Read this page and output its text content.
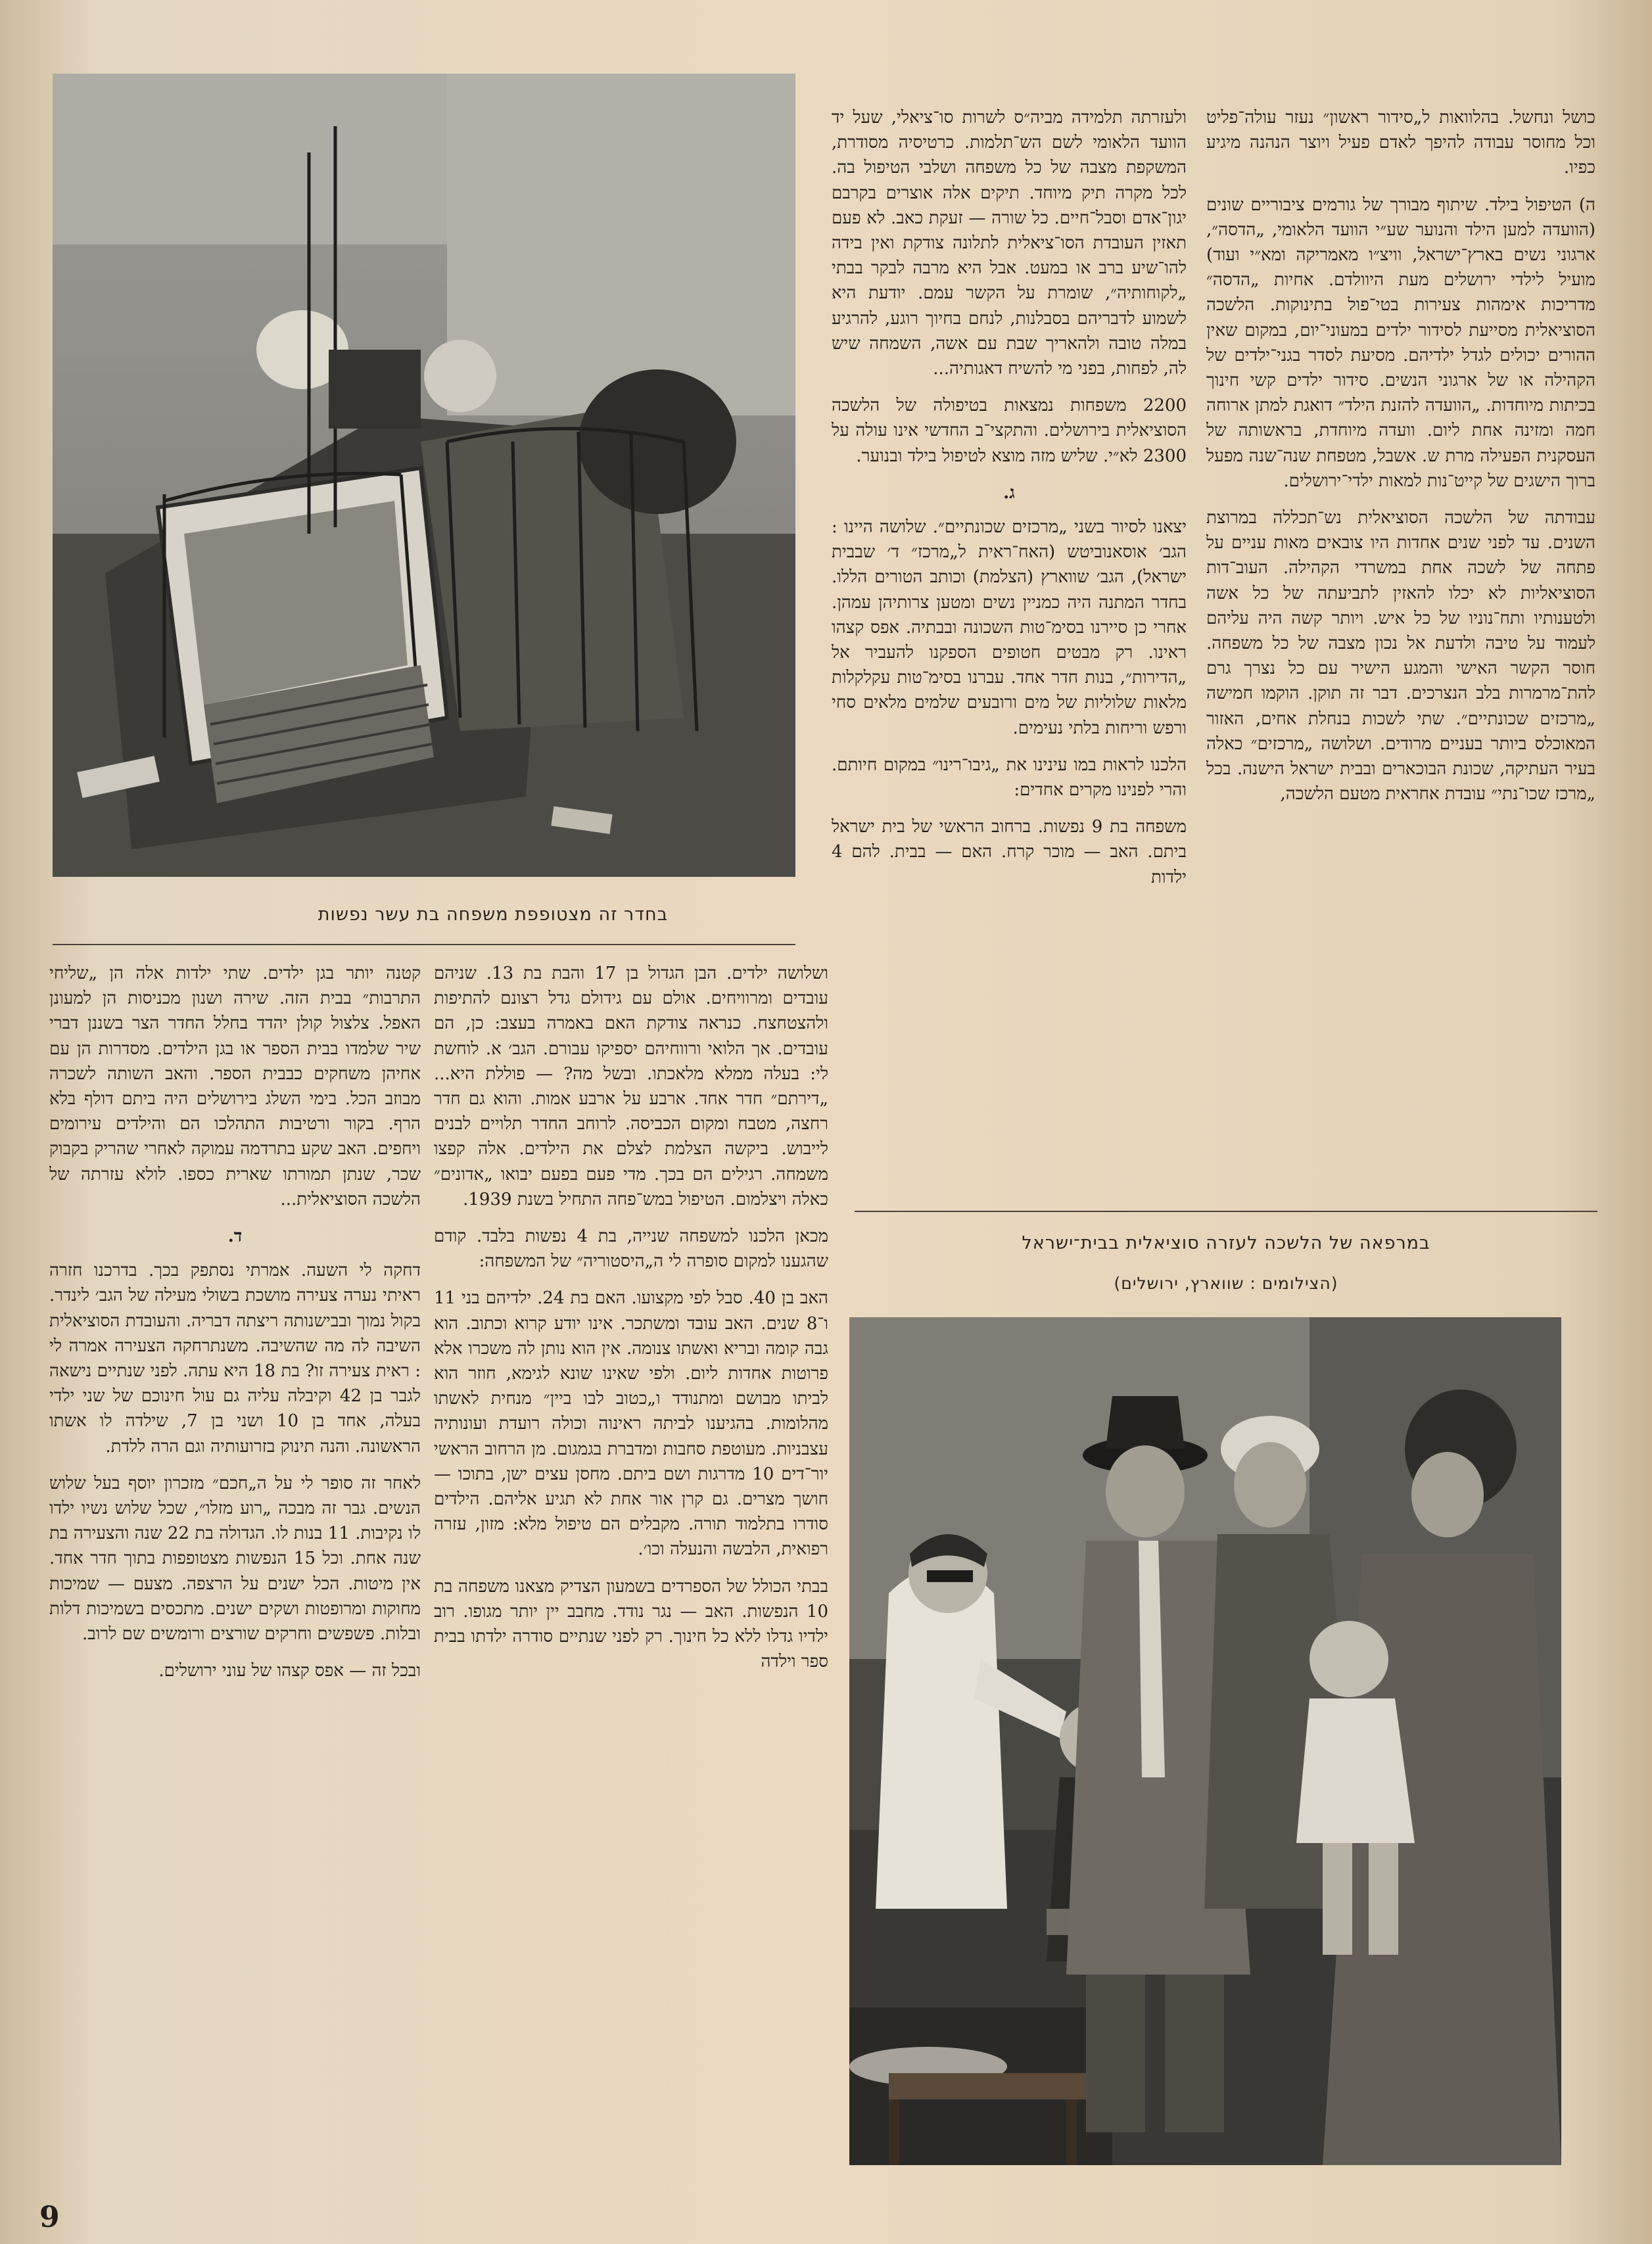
בחדר זה מצטופפת משפחה בת עשר נפשות

כושל ונחשל. בהלוואות ל„סידור ראשון״ נעזר עולה־פליט וכל מחוסר עבודה להיפך לאדם פעיל ויוצר הנהנה מיגיע כפיו.

ה) הטיפול בילד. שיתוף מבורך של גורמים ציבוריים שונים (הוועדה למען הילד והנוער שע״י הוועד הלאומי, „הדסה״, ארגוני נשים בארץ־ישראל, וויצ״ו מאמריקה ומא״י ועוד) מועיל לילדי ירושלים מעת היוולדם. אחיות „הדסה״ מדריכות אימהות צעירות בטי־פול בתינוקות. הלשכה הסוציאלית מסייעת לסידור ילדים במעוני־יום, במקום שאין ההורים יכולים לגדל ילדיהם. מסיעת לסדר בגני־ילדים של הקהילה או של ארגוני הנשים. סידור ילדים קשי חינוך בכיתות מיוחדות. „הוועדה להזנת הילד״ דואגת למתן ארוחה חמה ומזינה אחת ליום. וועדה מיוחדת, בראשותה של העסקנית הפעילה מרת ש. אשבל, מטפחת שנה־שנה מפעל ברוך הישגים של קייט־נות למאות ילדי־ירושלים.

עבודתה של הלשכה הסוציאלית נש־תכללה במרוצת השנים. עד לפני שנים אחדות היו צובאים מאות עניים על פתחה של לשכה אחת במשרדי הקהילה. העוב־דות הסוציאליות לא יכלו להאזין לתביעתה של כל אשה ולטענותיו ותח־נוניו של כל איש. ויותר קשה היה עליהם לעמוד על טיבה ולדעת אל נכון מצבה של כל משפחה. חוסר הקשר האישי והמגע הישיר עם כל נצרך גרם להת־מרמרות בלב הנצרכים. דבר זה תוקן. הוקמו חמישה „מרכזים שכונתיים״. שתי לשכות בנחלת אחים, האזור המאוכלס ביותר בעניים מרודים. ושלושה „מרכזים״ כאלה בעיר העתיקה, שכונת הבוכארים ובבית ישראל הישנה. בכל „מרכז שכו־נתי״ עובדת אחראית מטעם הלשכה,

ולעזרתה תלמידה מביה״ס לשרות סו־ציאלי, שעל יד הוועד הלאומי לשם הש־תלמות. כרטיסיה מסודרת, המשקפת מצבה של כל משפחה ושלבי הטיפול בה. לכל מקרה תיק מיוחד. תיקים אלה אוצרים בקרבם יגון־אדם וסבל־חיים. כל שורה — זעקת כאב. לא פעם תאזין העובדת הסו־ציאלית לתלונה צודקת ואין בידה להו־שיע ברב או במעט. אבל היא מרבה לבקר בבתי „לקוחותיה״, שומרת על הקשר עמם. יודעת היא לשמוע לדבריהם בסבלנות, לנחם בחיוך רוגע, להרגיע במלה טובה ולהאריך שבת עם אשה, השמחה שיש לה, לפחות, בפני מי להשיח דאגותיה...

2200 משפחות נמצאות בטיפולה של הלשכה הסוציאלית בירושלים. והתקצי־ב החדשי אינו עולה על 2300 לא״י. שליש מזה מוצא לטיפול בילד ובנוער.

ג.

יצאנו לסיור בשני „מרכזים שכונתיים״. שלושה היינו : הגב׳ אוסאנוביטש (האח־ראית ל„מרכז״ ד׳ שבבית ישראל), הגב׳ שווארץ (הצלמת) וכותב הטורים הללו. בחדר המתנה היה כמניין נשים ומטען צרותיהן עמהן. אחרי כן סיירנו בסימ־טות השכונה ובבתיה. אפס קצהו ראינו. רק מבטים חטופים הספקנו להעביר אל „הדירות״, בנות חדר אחד. עברנו בסימ־טות עקלקלות מלאות שלוליות של מים ורובעים שלמים מלאים סחי ורפש וריחות בלתי נעימים.

הלכנו לראות במו עינינו את „גיבו־רינו״ במקום חיותם. והרי לפנינו מקרים אחדים:

משפחה בת 9 נפשות. ברחוב הראשי של בית ישראל ביתם. האב — מוכר קרח. האם — בבית. להם 4 ילדות

במרפאה של הלשכה לעזרה סוציאלית בבית־ישראל
(הצילומים : שווארץ, ירושלים)

ושלושה ילדים. הבן הגדול בן 17 והבת בת 13. שניהם עובדים ומרוויחים. אולם עם גידולם גדל רצונם להתיפות ולהצטחצח. כנראה צודקת האם באמרה בעצב: כן, הם עובדים. אך הלואי ורווחיהם יספיקו עבורם. הגב׳ א. לוחשת לי: בעלה ממלא מלאכתו. ובשל מה? — פוללת היא... „דירתם״ חדר אחד. ארבע על ארבע אמות. והוא גם חדר רחצה, מטבח ומקום הכביסה. לרוחב החדר תלויים לבנים לייבוש. ביקשה הצלמת לצלם את הילדים. אלה קפצו משמחה. רגילים הם בכך. מדי פעם בפעם יבואו „אדונים״ כאלה ויצלמום. הטיפול במש־פחה התחיל בשנת 1939.

מכאן הלכנו למשפחה שנייה, בת 4 נפשות בלבד. קודם שהגענו למקום סופרה לי ה„היסטוריה״ של המשפחה:

האב בן 40. סבל לפי מקצועו. האם בת 24. ילדיהם בני 11 ו־8 שנים. האב עובד ומשתכר. אינו יודע קרוא וכתוב. הוא גבה קומה ובריא ואשתו צנומה. אין הוא נותן לה משכרו אלא פרוטות אחדות ליום. ולפי שאינו שונא לגימא, חוזר הוא לביתו מבושם ומתנודד ו„כטוב לבו ביין״ מנחית לאשתו מהלומות. בהגיענו לביתה ראינוה וכולה רועדת ועונותיה עצבניות. מעוטפת סחבות ומדברת בגמגום. מן הרחוב הראשי יור־דים 10 מדרגות ושם ביתם. מחסן עצים ישן, בתוכו — חושך מצרים. גם קרן אור אחת לא תגיע אליהם. הילדים סודרו בתלמוד תורה. מקבלים הם טיפול מלא: מזון, עזרה רפואית, הלבשה והנעלה וכו׳.

בבתי הכולל של הספרדים בשמעון הצדיק מצאנו משפחה בת 10 הנפשות. האב — נגר נודד. מחבב יין יותר מגופו. רוב ילדיו גדלו ללא כל חינוך. רק לפני שנתיים סודרה ילדתו בבית ספר וילדה

קטנה יותר בגן ילדים. שתי ילדות אלה הן „שליחי התרבות״ בבית הזה. שירה ושנון מכניסות הן למעונן האפל. צלצול קולן יהדד בחלל החדר הצר בשננן דברי שיר שלמדו בבית הספר או בגן הילדים. מסדרות הן עם אחיהן משחקים כבבית הספר. והאב השותה לשכרה מבוזב הכל. בימי השלג בירושלים היה ביתם דולף בלא הרף. בקור ורטיבות התהלכו הם והילדים עירומים ויחפים. האב שקע בתרדמה עמוקה לאחרי שהריק בקבוק שכר, שנתן תמורתו שארית כספו. לולא עזרתה של הלשכה הסוציאלית...

ד.

דחקה לי השעה. אמרתי נסתפק בכך. בדרכנו חזרה ראיתי נערה צעירה מושכת בשולי מעילה של הגב׳ לינדר. בקול נמוך ובבישנותה ריצתה דבריה. והעובדת הסוציאלית השיבה לה מה שהשיבה. משנתרחקה הצעירה אמרה לי : ראית צעירה זו? בת 18 היא עתה. לפני שנתיים נישאה לגבר בן 42 וקיבלה עליה גם עול חינוכם של שני ילדי בעלה, אחד בן 10 ושני בן 7, שילדה לו אשתו הראשונה. והנה תינוק בזרועותיה וגם הרה ללדת.

לאחר זה סופר לי על ה„חכם״ מזכרון יוסף בעל שלוש הנשים. גבר זה מבכה „רוע מזלו״, שכל שלוש נשיו ילדו לו נקיבות. 11 בנות לו. הגדולה בת 22 שנה והצעירה בת שנה אחת. וכל 15 הנפשות מצטופפות בתוך חדר אחד. אין מיטות. הכל ישנים על הרצפה. מצעם — שמיכות מחוקות ומרופטות ושקים ישנים. מתכסים בשמיכות דלות ובלות. פשפשים וחרקים שורצים ורומשים שם לרוב.

ובכל זה — אפס קצהו של עוני ירושלים.

9
